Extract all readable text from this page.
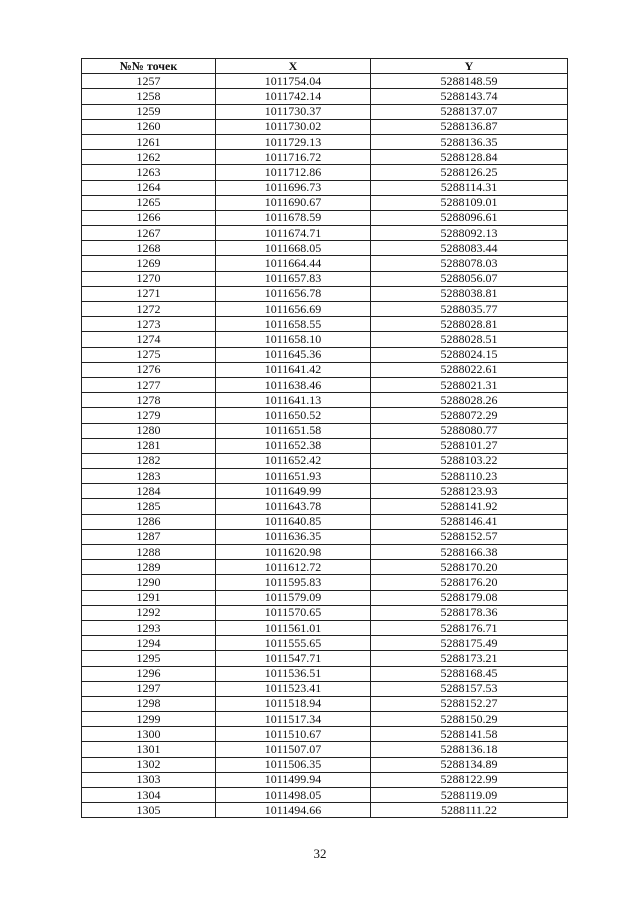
№№ точек	X	Y
1257	1011754.04	5288148.59
1258	1011742.14	5288143.74
1259	1011730.37	5288137.07
1260	1011730.02	5288136.87
1261	1011729.13	5288136.35
1262	1011716.72	5288128.84
1263	1011712.86	5288126.25
1264	1011696.73	5288114.31
1265	1011690.67	5288109.01
1266	1011678.59	5288096.61
1267	1011674.71	5288092.13
1268	1011668.05	5288083.44
1269	1011664.44	5288078.03
1270	1011657.83	5288056.07
1271	1011656.78	5288038.81
1272	1011656.69	5288035.77
1273	1011658.55	5288028.81
1274	1011658.10	5288028.51
1275	1011645.36	5288024.15
1276	1011641.42	5288022.61
1277	1011638.46	5288021.31
1278	1011641.13	5288028.26
1279	1011650.52	5288072.29
1280	1011651.58	5288080.77
1281	1011652.38	5288101.27
1282	1011652.42	5288103.22
1283	1011651.93	5288110.23
1284	1011649.99	5288123.93
1285	1011643.78	5288141.92
1286	1011640.85	5288146.41
1287	1011636.35	5288152.57
1288	1011620.98	5288166.38
1289	1011612.72	5288170.20
1290	1011595.83	5288176.20
1291	1011579.09	5288179.08
1292	1011570.65	5288178.36
1293	1011561.01	5288176.71
1294	1011555.65	5288175.49
1295	1011547.71	5288173.21
1296	1011536.51	5288168.45
1297	1011523.41	5288157.53
1298	1011518.94	5288152.27
1299	1011517.34	5288150.29
1300	1011510.67	5288141.58
1301	1011507.07	5288136.18
1302	1011506.35	5288134.89
1303	1011499.94	5288122.99
1304	1011498.05	5288119.09
1305	1011494.66	5288111.22
32
